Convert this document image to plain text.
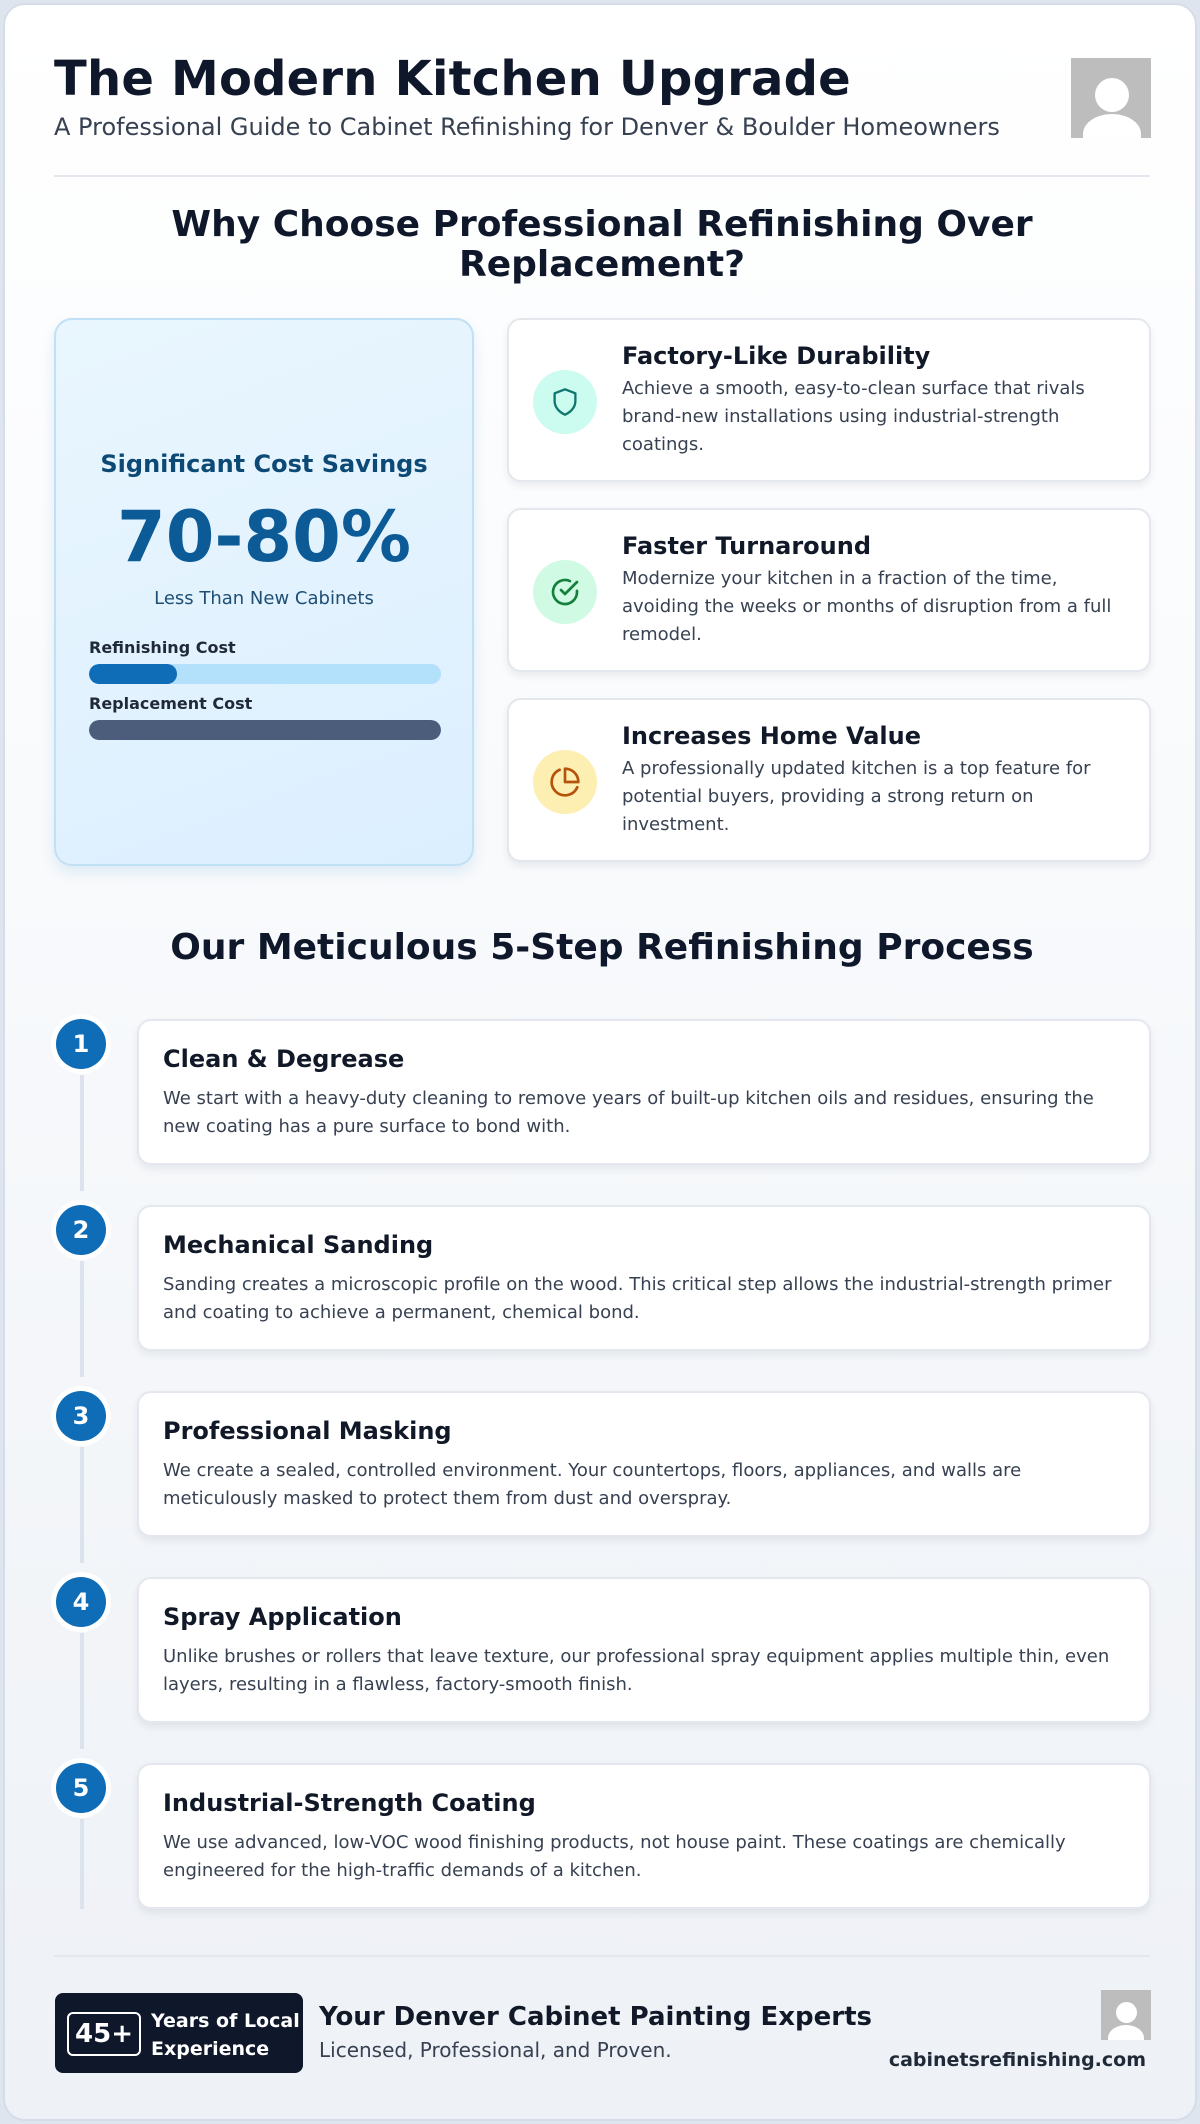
The Modern Kitchen Upgrade
A Professional Guide to Cabinet Refinishing for Denver & Boulder Homeowners
Why Choose Professional Refinishing Over
Replacement?
Significant Cost Savings
70-80%
Less Than New Cabinets
Refinishing Cost
Replacement Cost
Factory-Like Durability

Achieve a smooth, easy-to-clean surface that rivals brand-new installations using industrial-strength coatings.

Faster Turnaround

Modernize your kitchen in a fraction of the time, avoiding the weeks or months of disruption from a full remodel.

Increases Home Value

A professionally updated kitchen is a top feature for potential buyers, providing a strong return on investment.

Our Meticulous 5-Step Refinishing Process
1
Clean & Degrease

We start with a heavy-duty cleaning to remove years of built-up kitchen oils and residues, ensuring the new coating has a pure surface to bond with.

2
Mechanical Sanding

Sanding creates a microscopic profile on the wood. This critical step allows the industrial-strength primer and coating to achieve a permanent, chemical bond.

3
Professional Masking

We create a sealed, controlled environment. Your countertops, floors, appliances, and walls are meticulously masked to protect them from dust and overspray.

4
Spray Application

Unlike brushes or rollers that leave texture, our professional spray equipment applies multiple thin, even layers, resulting in a flawless, factory-smooth finish.

5
Industrial-Strength Coating

We use advanced, low-VOC wood finishing products, not house paint. These coatings are chemically engineered for the high-traffic demands of a kitchen.

45+ Years of Local
Experience
Your Denver Cabinet Painting Experts
Licensed, Professional, and Proven.	cabinetsrefinishing.com
